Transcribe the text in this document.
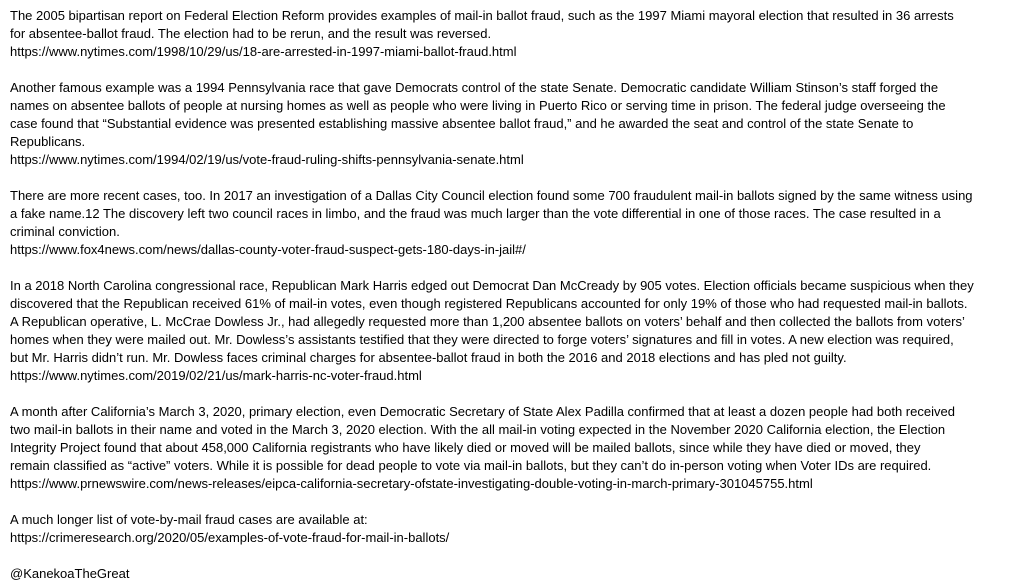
The 2005 bipartisan report on Federal Election Reform provides examples of mail-in ballot fraud, such as the 1997 Miami mayoral election that resulted in 36 arrests
for absentee-ballot fraud. The election had to be rerun, and the result was reversed.
https://www.nytimes.com/1998/10/29/us/18-are-arrested-in-1997-miami-ballot-fraud.html
Another famous example was a 1994 Pennsylvania race that gave Democrats control of the state Senate. Democratic candidate William Stinson’s staff forged the
names on absentee ballots of people at nursing homes as well as people who were living in Puerto Rico or serving time in prison. The federal judge overseeing the
case found that “Substantial evidence was presented establishing massive absentee ballot fraud,” and he awarded the seat and control of the state Senate to
Republicans.
https://www.nytimes.com/1994/02/19/us/vote-fraud-ruling-shifts-pennsylvania-senate.html
There are more recent cases, too. In 2017 an investigation of a Dallas City Council election found some 700 fraudulent mail-in ballots signed by the same witness using
a fake name.12 The discovery left two council races in limbo, and the fraud was much larger than the vote differential in one of those races. The case resulted in a
criminal conviction.
https://www.fox4news.com/news/dallas-county-voter-fraud-suspect-gets-180-days-in-jail#/
In a 2018 North Carolina congressional race, Republican Mark Harris edged out Democrat Dan McCready by 905 votes. Election officials became suspicious when they
discovered that the Republican received 61% of mail-in votes, even though registered Republicans accounted for only 19% of those who had requested mail-in ballots.
A Republican operative, L. McCrae Dowless Jr., had allegedly requested more than 1,200 absentee ballots on voters’ behalf and then collected the ballots from voters’
homes when they were mailed out. Mr. Dowless’s assistants testified that they were directed to forge voters’ signatures and fill in votes. A new election was required,
but Mr. Harris didn’t run. Mr. Dowless faces criminal charges for absentee-ballot fraud in both the 2016 and 2018 elections and has pled not guilty.
https://www.nytimes.com/2019/02/21/us/mark-harris-nc-voter-fraud.html
A month after California’s March 3, 2020, primary election, even Democratic Secretary of State Alex Padilla confirmed that at least a dozen people had both received
two mail-in ballots in their name and voted in the March 3, 2020 election. With the all mail-in voting expected in the November 2020 California election, the Election
Integrity Project found that about 458,000 California registrants who have likely died or moved will be mailed ballots, since while they have died or moved, they
remain classified as “active” voters. While it is possible for dead people to vote via mail-in ballots, but they can’t do in-person voting when Voter IDs are required.
https://www.prnewswire.com/news-releases/eipca-california-secretary-ofstate-investigating-double-voting-in-march-primary-301045755.html
A much longer list of vote-by-mail fraud cases are available at:
https://crimeresearch.org/2020/05/examples-of-vote-fraud-for-mail-in-ballots/
@KanekoaTheGreat
